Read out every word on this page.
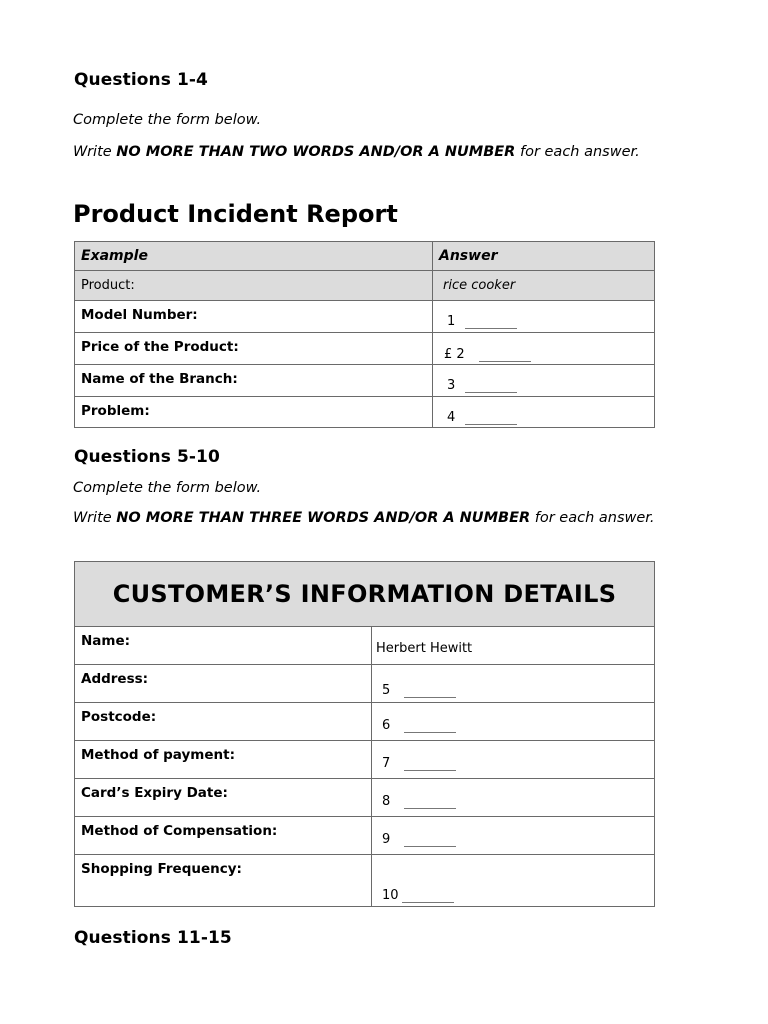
Questions 1-4

Complete the form below.

Write NO MORE THAN TWO WORDS AND/OR A NUMBER for each answer.

Product Incident Report
Example	Answer
Product:	rice cooker
Model Number:	1
Price of the Product:	£ 2
Name of the Branch:	3
Problem:	4
Questions 5-10

Complete the form below.

Write NO MORE THAN THREE WORDS AND/OR A NUMBER for each answer.

CUSTOMER’S INFORMATION DETAILS	
Name:	Herbert Hewitt
Address:	5
Postcode:	6
Method of payment:	7
Card’s Expiry Date:	8
Method of Compensation:	9
Shopping Frequency:	10
Questions 11-15
